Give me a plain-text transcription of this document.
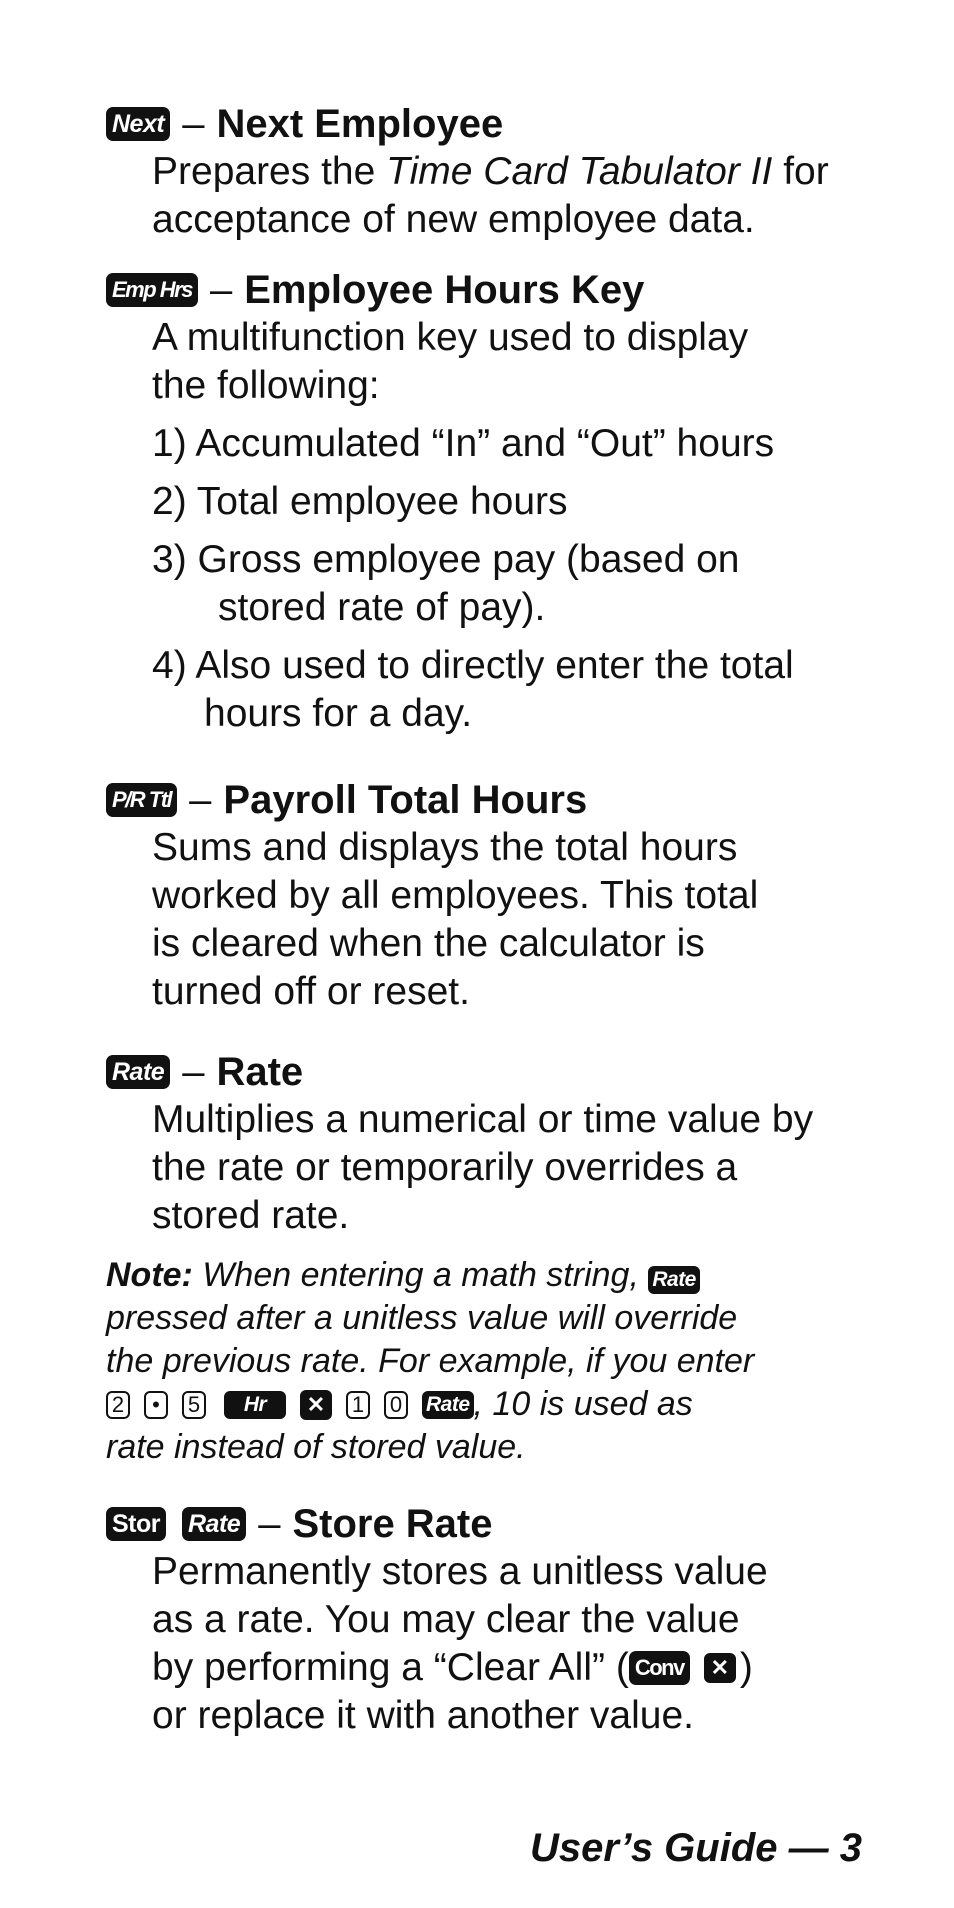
Next – Next Employee
Prepares the Time Card Tabulator II for
acceptance of new employee data.
Emp Hrs – Employee Hours Key
A multifunction key used to display
the following:
1) Accumulated “In” and “Out” hours
2) Total employee hours
3) Gross employee pay (based on
stored rate of pay).
4) Also used to directly enter the total
hours for a day.
P/R Ttl – Payroll Total Hours
Sums and displays the total hours
worked by all employees. This total
is cleared when the calculator is
turned off or reset.
Rate – Rate
Multiplies a numerical or time value by
the rate or temporarily overrides a
stored rate.
Note: When entering a math string, Rate
pressed after a unitless value will override
the previous rate. For example, if you enter
2	•	5	Hr	✕	1 0 Rate , 10 is used as
rate instead of stored value.
Stor Rate – Store Rate
Permanently stores a unitless value
as a rate. You may clear the value
by performing a “Clear All” ( Conv	✕ )
or replace it with another value.
User’s Guide — 3
